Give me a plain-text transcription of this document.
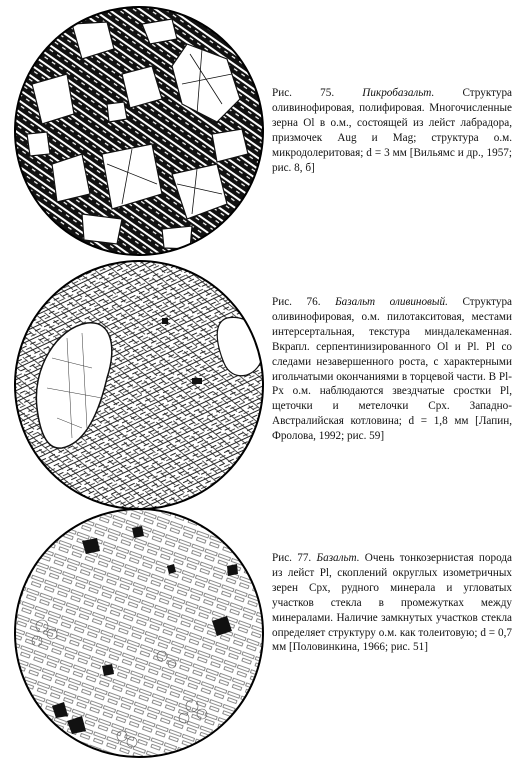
Рис. 75.	Пикробазальт.	Структура оливинофировая, полифировая. Многочисленные зерна Ol в о.м., состоящей из лейст лабрадора, призмочек Aug и Mag; структура о.м. микродолеритовая; d = 3 мм [Вильямс и др., 1957; рис. 8, б]
Рис. 76. Базальт оливиновый. Структура оливинофировая, о.м. пилотакситовая, местами интерсертальная, текстура миндалекаменная. Вкрапл. серпентинизированного Ol и Pl. Pl со следами незавершенного роста, с характерными игольчатыми окончаниями в торцевой части. В Pl-Px о.м. наблюдаются звездчатые сростки Pl, щеточки и метелочки Cpx. Западно-Австралийская котловина; d = 1,8 мм [Лапин, Фролова, 1992; рис. 59]
Рис. 77. Базальт. Очень тонкозернистая порода из лейст Pl, скоплений округлых изометричных зерен Cpx, рудного минерала и угловатых участков стекла в промежутках между минералами. Наличие замкнутых участков стекла определяет структуру о.м. как толеитовую; d = 0,7 мм [Половинкина, 1966; рис. 51]
